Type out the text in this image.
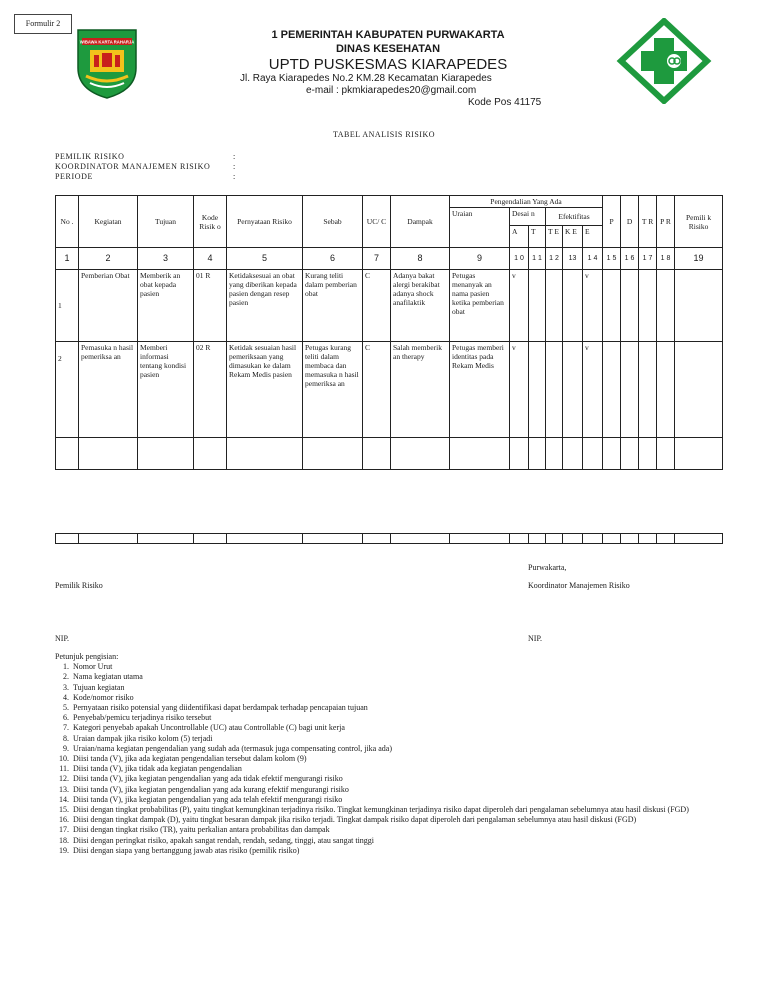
Formulir 2
WIBAWA KARTA RAHARJA
1 PEMERINTAH KABUPATEN PURWAKARTA
DINAS KESEHATAN
UPTD PUSKESMAS KIARAPEDES
Jl. Raya Kiarapedes No.2 KM.28 Kecamatan Kiarapedes
e-mail : pkmkiarapedes20@gmail.com
Kode Pos 41175
TABEL ANALISIS RISIKO
PEMILIK RISIKO	:
KOORDINATOR MANAJEMEN RISIKO	:
PERIODE	:
No .	Kegiatan	Tujuan	Kode Risik o	Pernyataan Risiko	Sebab	UC/ C	Dampak	Pengendalian Yang Ada						P	D	T R	P R	Pemili k Risiko
								Uraian	Desai n		Efektifitas							
									A	T	T E	K E	E					
1	2	3	4	5	6	7	8	9	1 0	1 1	1 2	13	1 4	1 5	1 6	1 7	1 8	19
1	Pemberian Obat	Memberik an obat kepada pasien	01 R	Ketidaksesuai an obat yang diberikan kepada pasien dengan resep pasien	Kurang teliti dalam pemberian obat	C	Adanya bakat alergi berakibat adanya shock anafilaktik	Petugas menanyak an nama pasien ketika pemberian obat	v				v					
2	Pemasuka n hasil pemeriksa an	Memberi informasi tentang kondisi pasien	02 R	Ketidak sesuaian hasil pemeriksaan yang dimasukan ke dalam Rekam Medis pasien	Petugas kurang teliti dalam membaca dan memasuka n hasil pemeriksa an	C	Salah memberik an therapy	Petugas memberi identitas pada Rekam Medis	v				v					

Purwakarta,
Pemilik Risiko	Koordinator Manajemen Risiko
NIP.	NIP.
Petunjuk pengisian:
1. Nomor Urut
2. Nama kegiatan utama
3. Tujuan kegiatan
4. Kode/nomor risiko
5. Pernyataan risiko potensial yang diidentifikasi dapat berdampak terhadap pencapaian tujuan
6. Penyebab/pemicu terjadinya risiko tersebut
7. Kategori penyebab apakah Uncontrollable (UC) atau Controllable (C) bagi unit kerja
8. Uraian dampak jika risiko kolom (5) terjadi
9. Uraian/nama kegiatan pengendalian yang sudah ada (termasuk juga compensating control, jika ada)
10. Diisi tanda (V), jika ada kegiatan pengendalian tersebut dalam kolom (9)
11. Diisi tanda (V), jika tidak ada kegiatan pengendalian
12. Diisi tanda (V), jika kegiatan pengendalian yang ada tidak efektif mengurangi risiko
13. Diisi tanda (V), jika kegiatan pengendalian yang ada kurang efektif mengurangi risiko
14. Diisi tanda (V), jika kegiatan pengendalian yang ada telah efektif mengurangi risiko
15. Diisi dengan tingkat probabilitas (P), yaitu tingkat kemungkinan terjadinya risiko. Tingkat kemungkinan terjadinya risiko dapat diperoleh dari pengalaman sebelumnya atau hasil diskusi (FGD)
16. Diisi dengan tingkat dampak (D), yaitu tingkat besaran dampak jika risiko terjadi. Tingkat dampak risiko dapat diperoleh dari pengalaman sebelumnya atau hasil diskusi (FGD)
17. Diisi dengan tingkat risiko (TR), yaitu perkalian antara probabilitas dan dampak
18. Diisi dengan peringkat risiko, apakah sangat rendah, rendah, sedang, tinggi, atau sangat tinggi
19. Diisi dengan siapa yang bertanggung jawab atas risiko (pemilik risiko)
